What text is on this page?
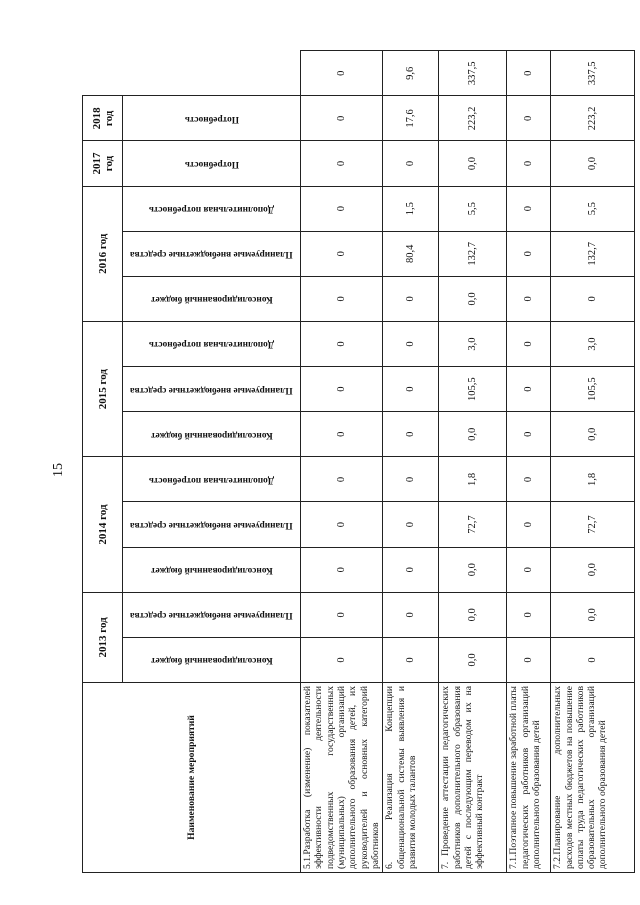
15
Наименование мероприятий	2013 год		2014 год			2015 год			2016 год			2017 год	2018 год	

	Консолидированный бюджет	Планируемые внебюджетные средства	Консолидированный бюджет	Планируемые внебюджетные средства	Дополнительная потребность	Консолидированный бюджет	Планируемые внебюджетные средства	Дополнительная потребность	Консолидированный бюджет	Планируемые внебюджетные средства	Дополнительная потребность	Потребность	Потребность	

5.1.Разработка (изменение) показателей эффективности деятельности подведомственных государственных (муниципальных) организаций дополнительного образования детей, их руководителей и основных категорий работников	0	0	0	0	0	0	0	0	0	0	0	0	0	0
6. Реализация Концепции общенациональной системы выявления и развития молодых талантов	0	0	0	0	0	0	0	0	0	80,4	1,5	0	17,6	9,6
7. Проведение аттестации педагогических работников дополнительного образования детей с последующим переводом их на эффективный контракт	0,0	0,0	0,0	72,7	1,8	0,0	105,5	3,0	0,0	132,7	5,5	0,0	223,2	337,5
7.1.Поэтапное повышение заработной платы педагогических работников организаций дополнительного образования детей	0	0	0	0	0	0	0	0	0	0	0	0	0	0
7.2.Планирование дополнительных расходов местных бюджетов на повышение оплаты труда педагогических работников образовательных организаций дополнительного образования детей	0	0,0	0,0	72,7	1,8	0,0	105,5	3,0	0	132,7	5,5	0,0	223,2	337,5
